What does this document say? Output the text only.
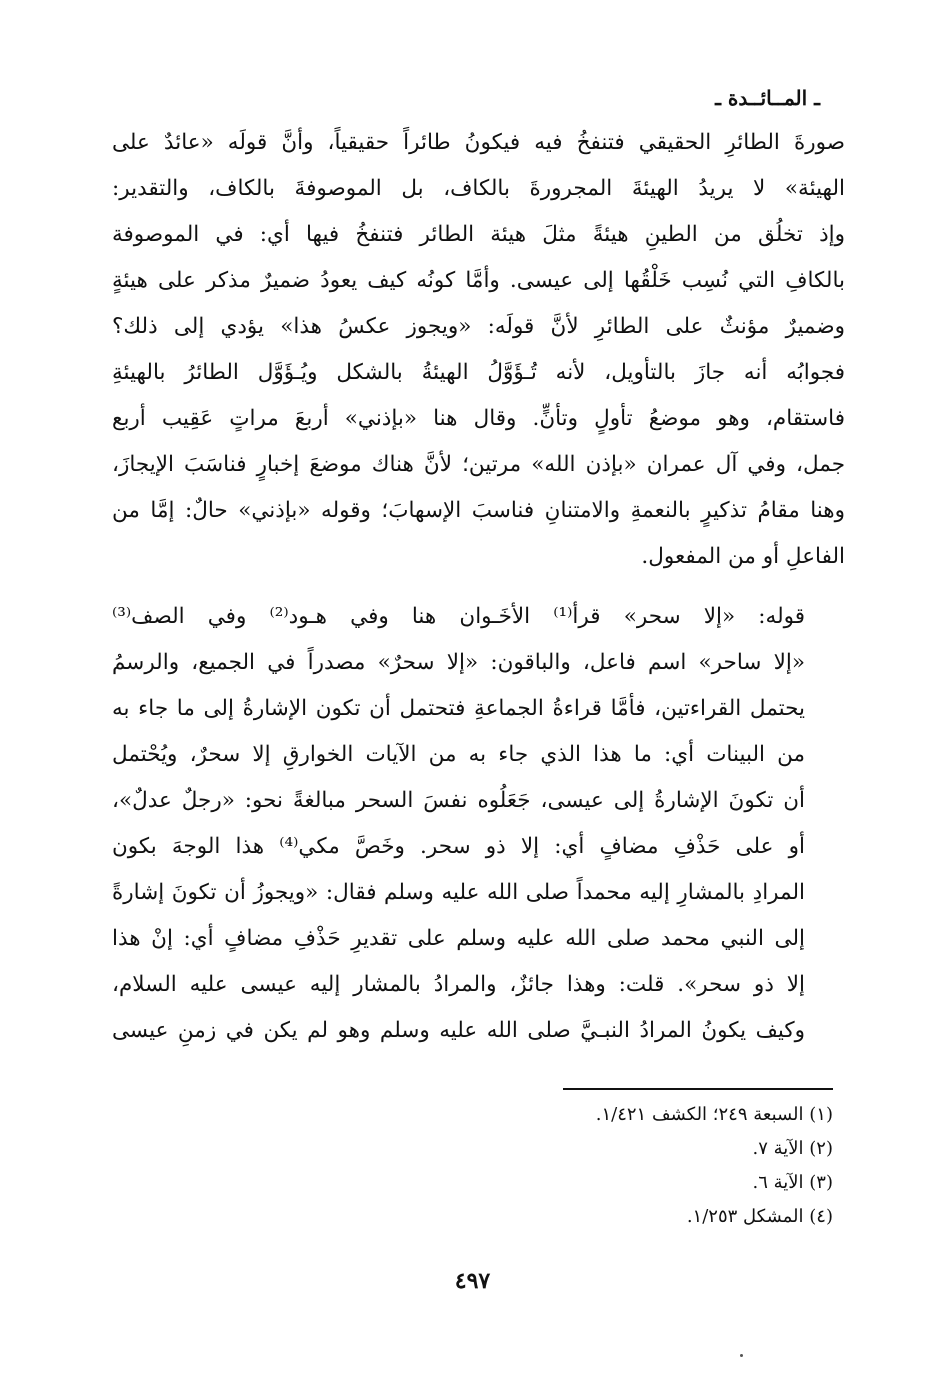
ـ المــائــدة ـ

صورةَ الطائرِ الحقيقي فتنفخُ فيه فيكونُ طائراً حقيقياً، وأنَّ قولَه «عائدٌ على
الهيئة» لا يريدُ الهيئةَ المجرورةَ بالكاف، بل الموصوفةَ بالكاف، والتقدير:
وإذ تخلُق من الطينِ هيئةً مثلَ هيئة الطائر فتنفخُ فيها أي: في الموصوفة
بالكافِ التي نُسِب خَلْقُها إلى عيسى. وأمَّا كونُه كيف يعودُ ضميرٌ مذكر على هيئةٍ
وضميرٌ مؤنثٌ على الطائرِ لأنَّ قولَه: «ويجوز عكسُ هذا» يؤدي إلى ذلك؟
فجوابُه أنه جازَ بالتأويل، لأنه تُـؤَوَّلُ الهيئةُ بالشكل ويُـؤَوَّل الطائرُ بالهيئةِ
فاستقام، وهو موضعُ تأولٍ وتأنٍّ. وقال هنا «بإذني» أربعَ مراتٍ عَقِيب أربع
جمل، وفي آل عمران «بإذن الله» مرتين؛ لأنَّ هناك موضعَ إخبارٍ فناسَبَ الإيجازَ،
وهنا مقامُ تذكيرٍ بالنعمةِ والامتنانِ فناسبَ الإسهابَ؛ وقوله «بإذني» حالٌ: إمَّا من
الفاعلِ أو من المفعول.

قوله: «إلا سحر» قرأ⁽¹⁾ الأخَـوان هنا وفي هـود⁽²⁾ وفي الصف⁽³⁾
«إلا ساحر» اسم فاعل، والباقون: «إلا سحرٌ» مصدراً في الجميع، والرسمُ
يحتمل القراءتين، فأمَّا قراءةُ الجماعةِ فتحتمل أن تكون الإشارةُ إلى ما جاء به
من البينات أي: ما هذا الذي جاء به من الآيات الخوارقِ إلا سحرٌ، ويُحْتمل
أن تكونَ الإشارةُ إلى عيسى، جَعَلُوه نفسَ السحر مبالغةً نحو: «رجلٌ عدلٌ»،
أو على حَذْفِ مضافٍ أي: إلا ذو سحر. وخَصَّ مكي⁽⁴⁾ هذا الوجهَ بكون
المرادِ بالمشارِ إليه محمداً صلى الله عليه وسلم فقال: «ويجوزُ أن تكونَ إشارةً
إلى النبي محمد صلى الله عليه وسلم على تقديرِ حَذْفِ مضافٍ أي: إنْ هذا
إلا ذو سحر». قلت: وهذا جائزٌ، والمرادُ بالمشار إليه عيسى عليه السلام،
وكيف يكونُ المرادُ النبـيَّ صلى الله عليه وسلم وهو لم يكن في زمنِ عيسى

(١) السبعة ٢٤٩؛ الكشف ١/٤٢١.
(٢) الآية ٧.
(٣) الآية ٦.
(٤) المشكل ١/٢٥٣.
٤٩٧
